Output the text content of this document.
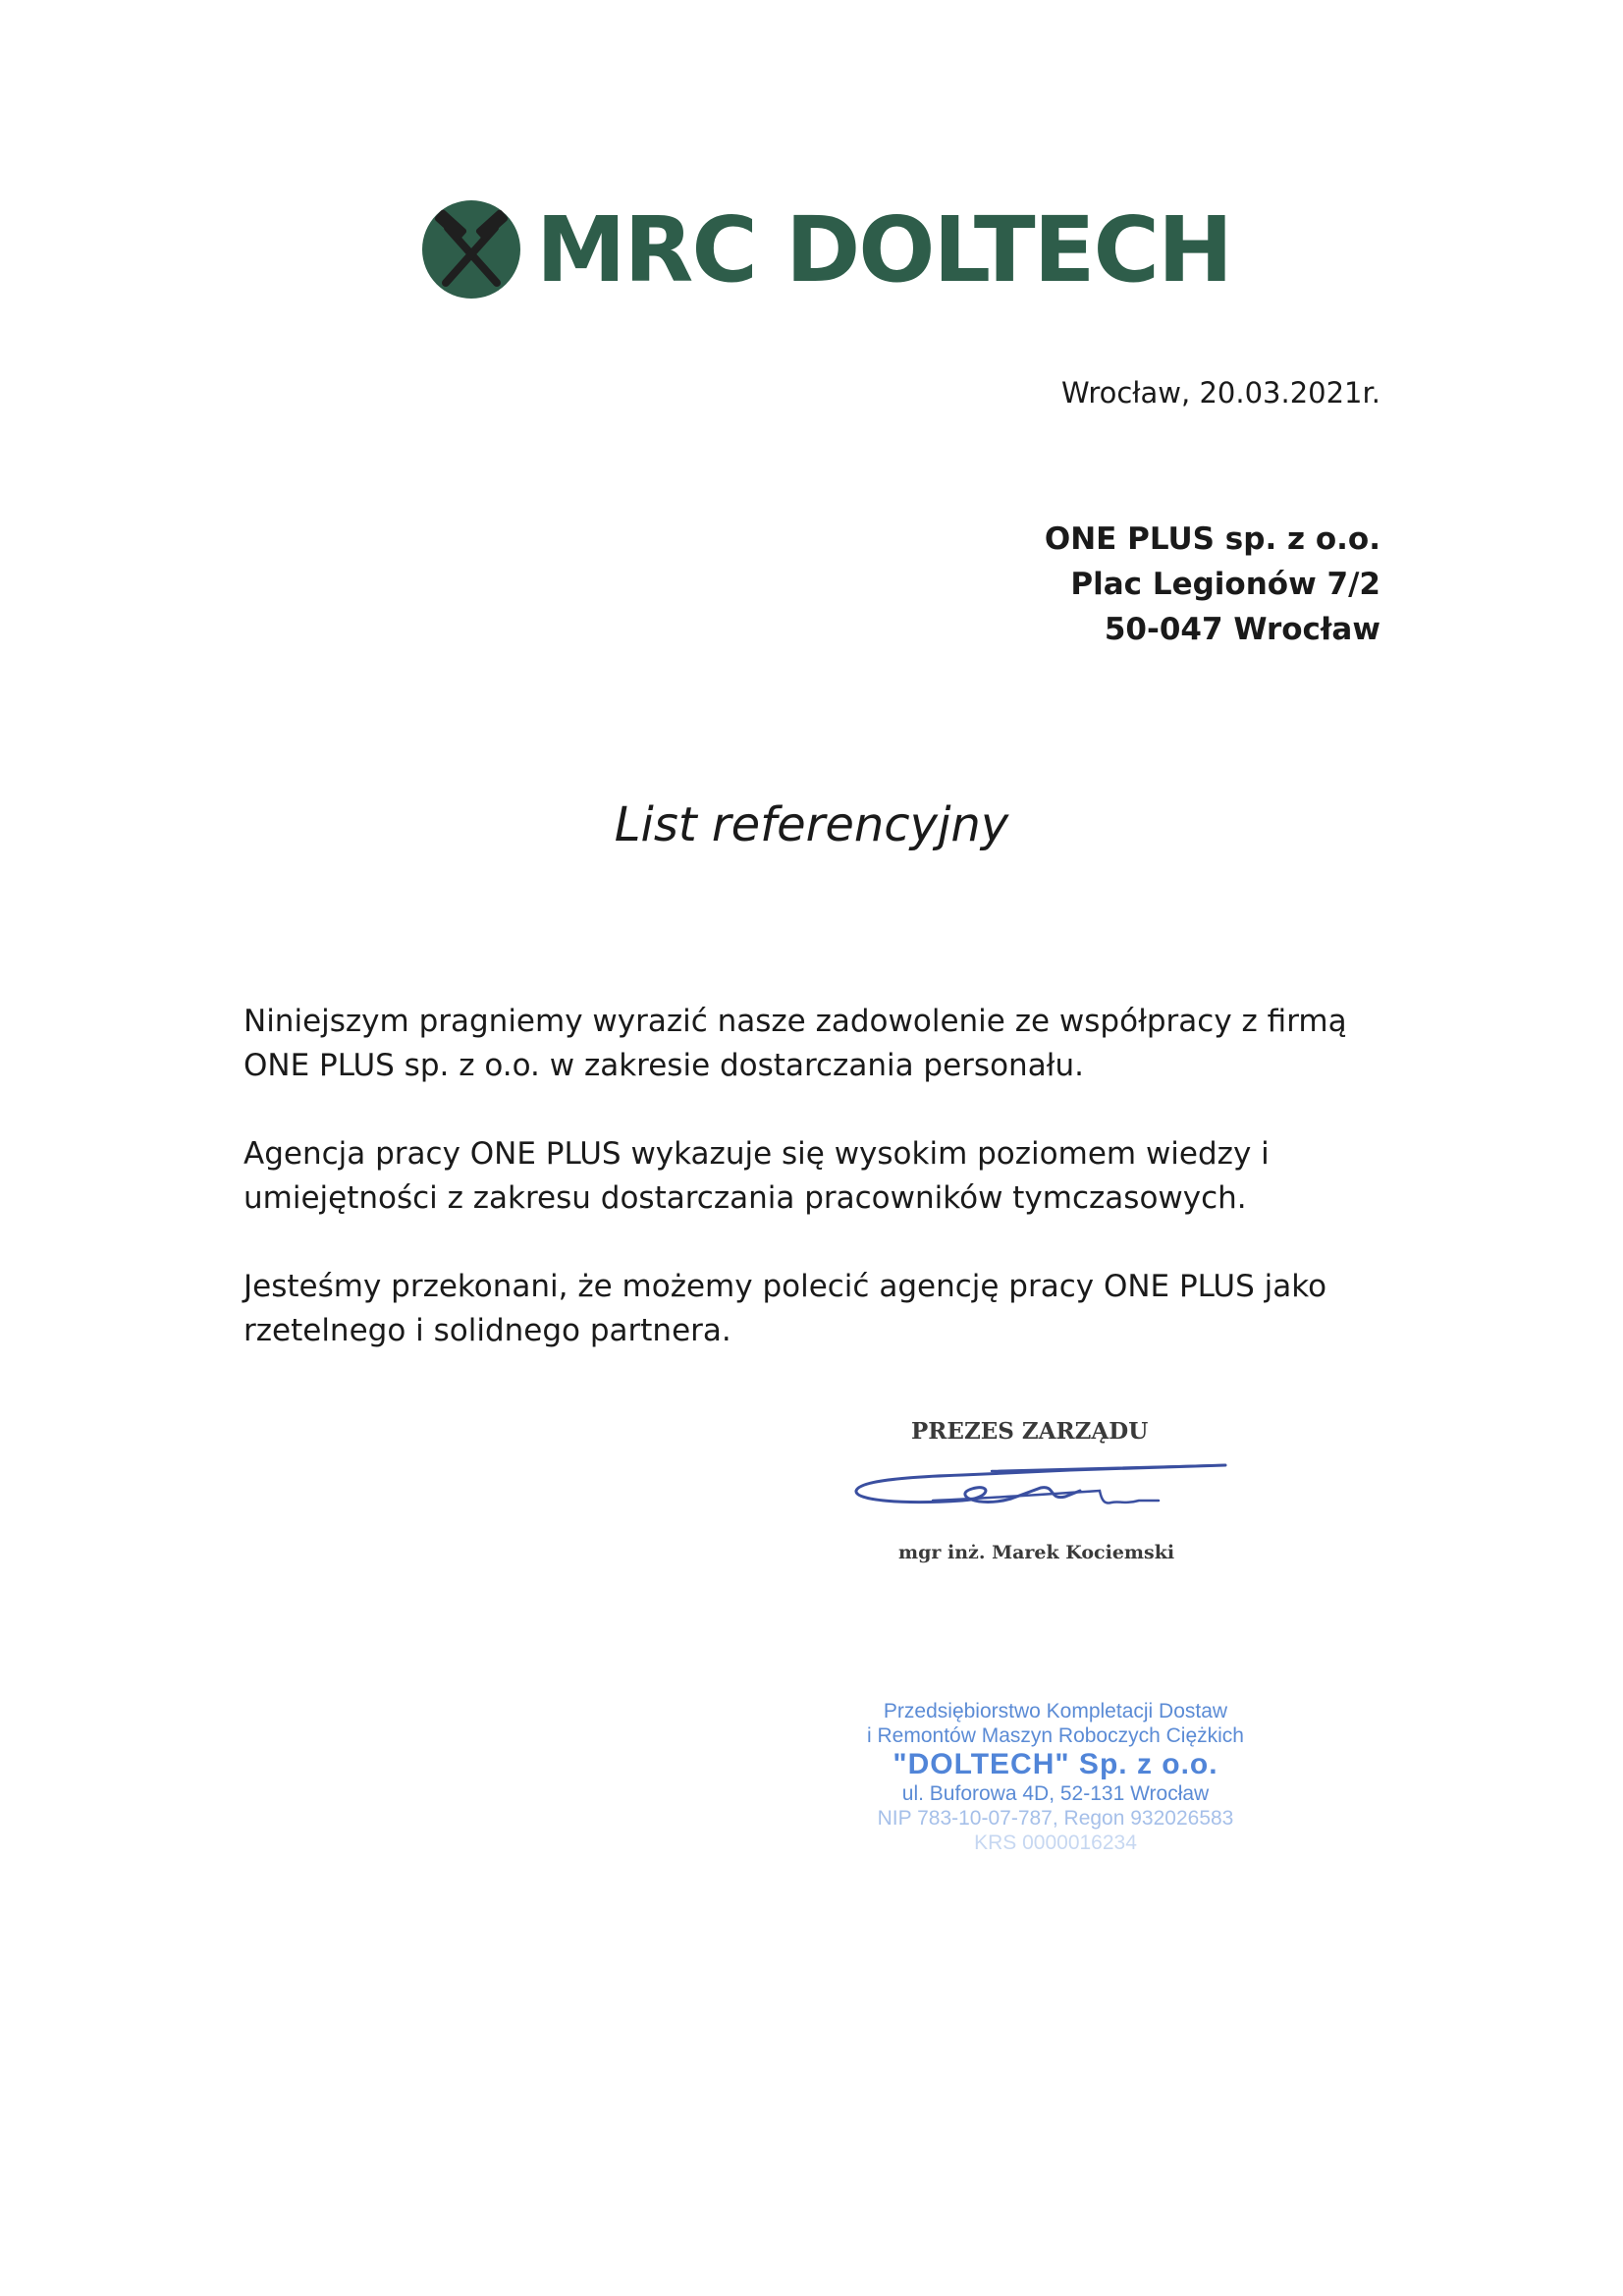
MRC DOLTECH
Wrocław, 20.03.2021r.
ONE PLUS sp. z o.o.
Plac Legionów 7/2
50-047 Wrocław
List referencyjny

Niniejszym pragniemy wyrazić nasze zadowolenie ze współpracy z firmą ONE PLUS sp. z o.o. w zakresie dostarczania personału.

Agencja pracy ONE PLUS wykazuje się wysokim poziomem wiedzy i umiejętności z zakresu dostarczania pracowników tymczasowych.

Jesteśmy przekonani, że możemy polecić agencję pracy ONE PLUS jako rzetelnego i solidnego partnera.

PREZES ZARZĄDU
mgr inż. Marek Kociemski
Przedsiębiorstwo Kompletacji Dostaw
i Remontów Maszyn Roboczych Ciężkich
"DOLTECH" Sp. z o.o.
ul. Buforowa 4D, 52-131 Wrocław
NIP 783-10-07-787, Regon 932026583
KRS 0000016234
